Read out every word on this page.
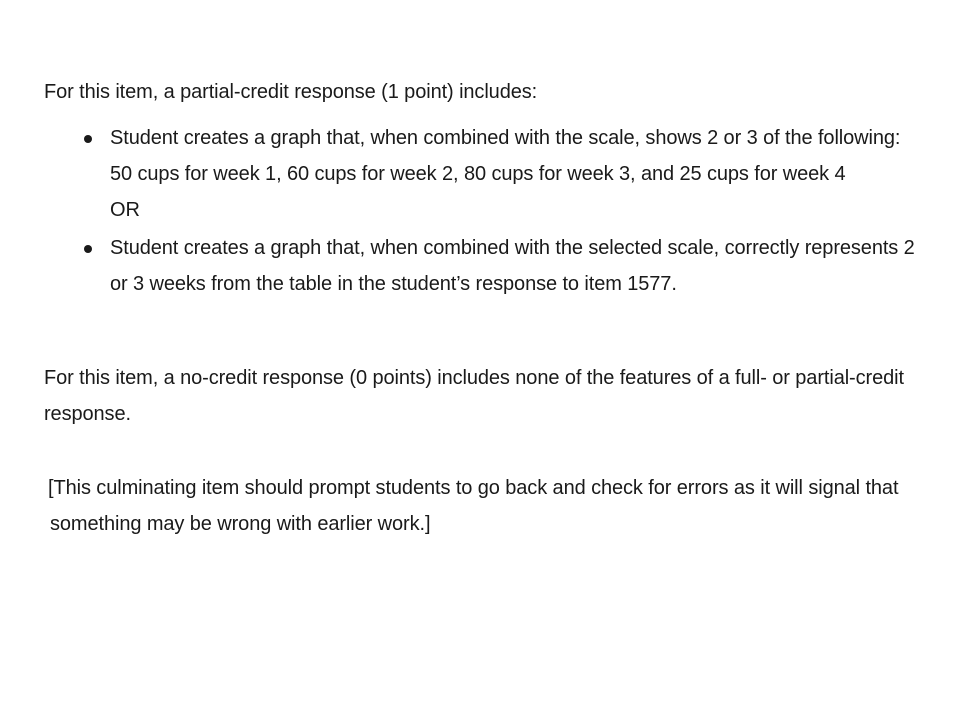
For this item, a partial-credit response (1 point) includes:

Student creates a graph that, when combined with the scale, shows 2 or 3 of the following: 50 cups for week 1, 60 cups for week 2, 80 cups for week 3, and 25 cups for week 4
OR
Student creates a graph that, when combined with the selected scale, correctly represents 2 or 3 weeks from the table in the student’s response to item 1577.

For this item, a no-credit response (0 points) includes none of the features of a full- or partial-credit response.

[This culminating item should prompt students to go back and check for errors as it will signal that something may be wrong with earlier work.]
